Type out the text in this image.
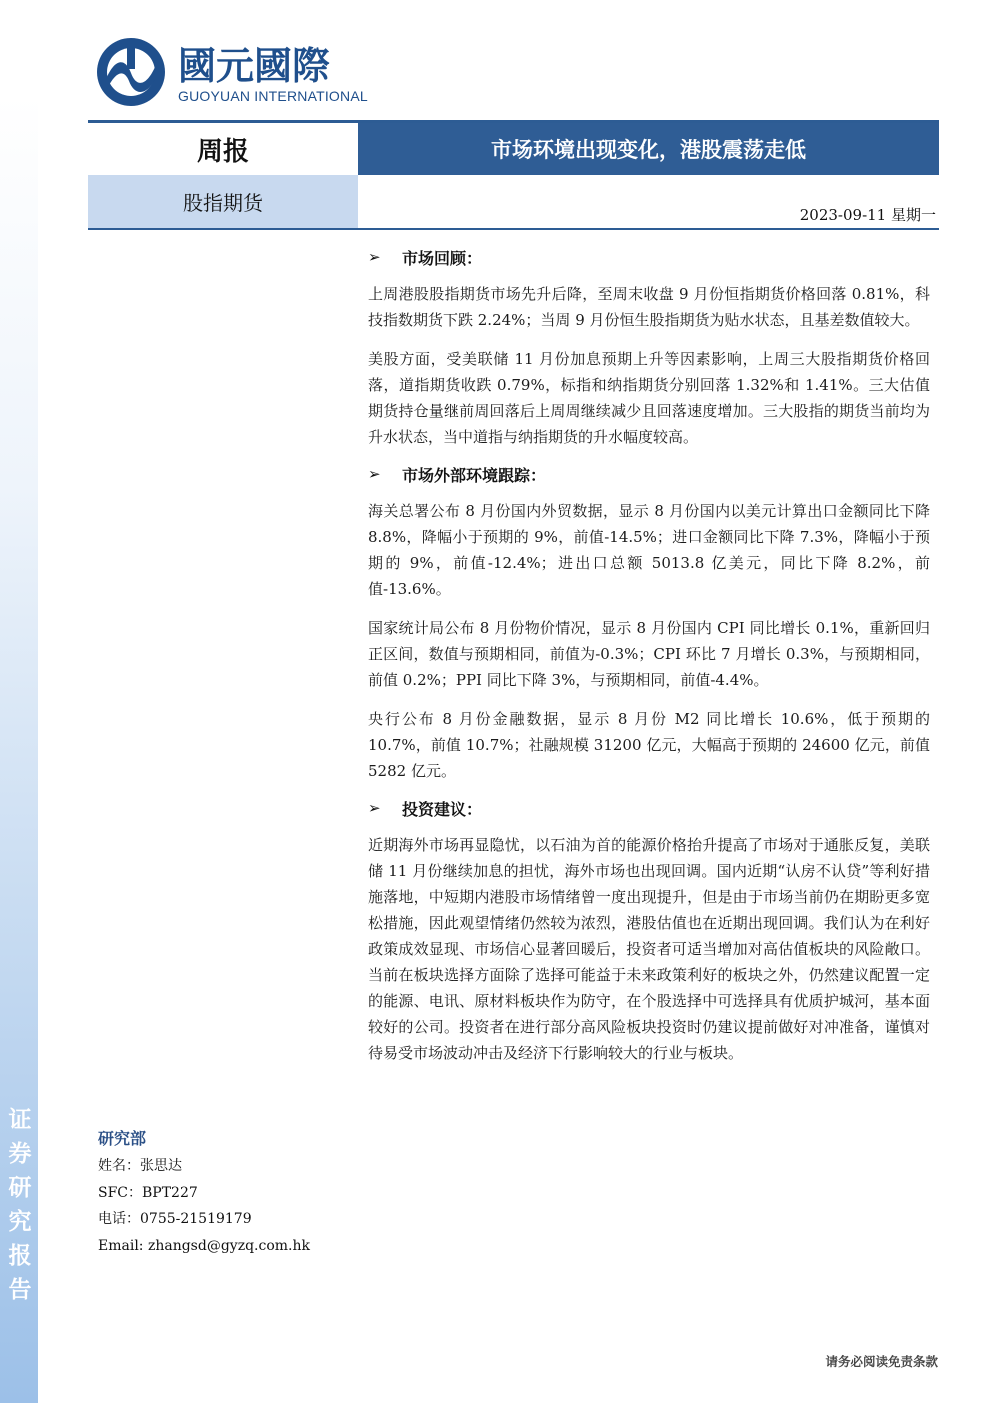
证
券
研
究
报
告
國元國際
GUOYUAN INTERNATIONAL
周报	市场环境出现变化，港股震荡走低
股指期货	2023-09-11 星期一
➢	市场回顾：

上周港股股指期货市场先升后降，至周末收盘 9 月份恒指期货价格回落 0.81%，科技指数期货下跌 2.24%；当周 9 月份恒生股指期货为贴水状态，且基差数值较大。

美股方面，受美联储 11 月份加息预期上升等因素影响，上周三大股指期货价格回落，道指期货收跌 0.79%，标指和纳指期货分别回落 1.32%和 1.41%。三大估值期货持仓量继前周回落后上周周继续减少且回落速度增加。三大股指的期货当前均为升水状态，当中道指与纳指期货的升水幅度较高。

➢	市场外部环境跟踪：

海关总署公布 8 月份国内外贸数据，显示 8 月份国内以美元计算出口金额同比下降 8.8%，降幅小于预期的 9%，前值-14.5%；进口金额同比下降 7.3%，降幅小于预期的 9%，前值-12.4%；进出口总额 5013.8 亿美元，同比下降 8.2%，前值-13.6%。

国家统计局公布 8 月份物价情况，显示 8 月份国内 CPI 同比增长 0.1%，重新回归正区间，数值与预期相同，前值为-0.3%；CPI 环比 7 月增长 0.3%，与预期相同，前值 0.2%；PPI 同比下降 3%，与预期相同，前值-4.4%。

央行公布 8 月份金融数据，显示 8 月份 M2 同比增长 10.6%，低于预期的 10.7%，前值 10.7%；社融规模 31200 亿元，大幅高于预期的 24600 亿元，前值 5282 亿元。

➢	投资建议：

近期海外市场再显隐忧，以石油为首的能源价格抬升提高了市场对于通胀反复，美联储 11 月份继续加息的担忧，海外市场也出现回调。国内近期“认房不认贷”等利好措施落地，中短期内港股市场情绪曾一度出现提升，但是由于市场当前仍在期盼更多宽松措施，因此观望情绪仍然较为浓烈，港股估值也在近期出现回调。我们认为在利好政策成效显现、市场信心显著回暖后，投资者可适当增加对高估值板块的风险敞口。当前在板块选择方面除了选择可能益于未来政策利好的板块之外，仍然建议配置一定的能源、电讯、原材料板块作为防守，在个股选择中可选择具有优质护城河，基本面较好的公司。投资者在进行部分高风险板块投资时仍建议提前做好对冲准备，谨慎对待易受市场波动冲击及经济下行影响较大的行业与板块。

研究部
姓名：张思达
SFC：BPT227
电话：0755-21519179
Email: zhangsd@gyzq.com.hk
请务必阅读免责条款
